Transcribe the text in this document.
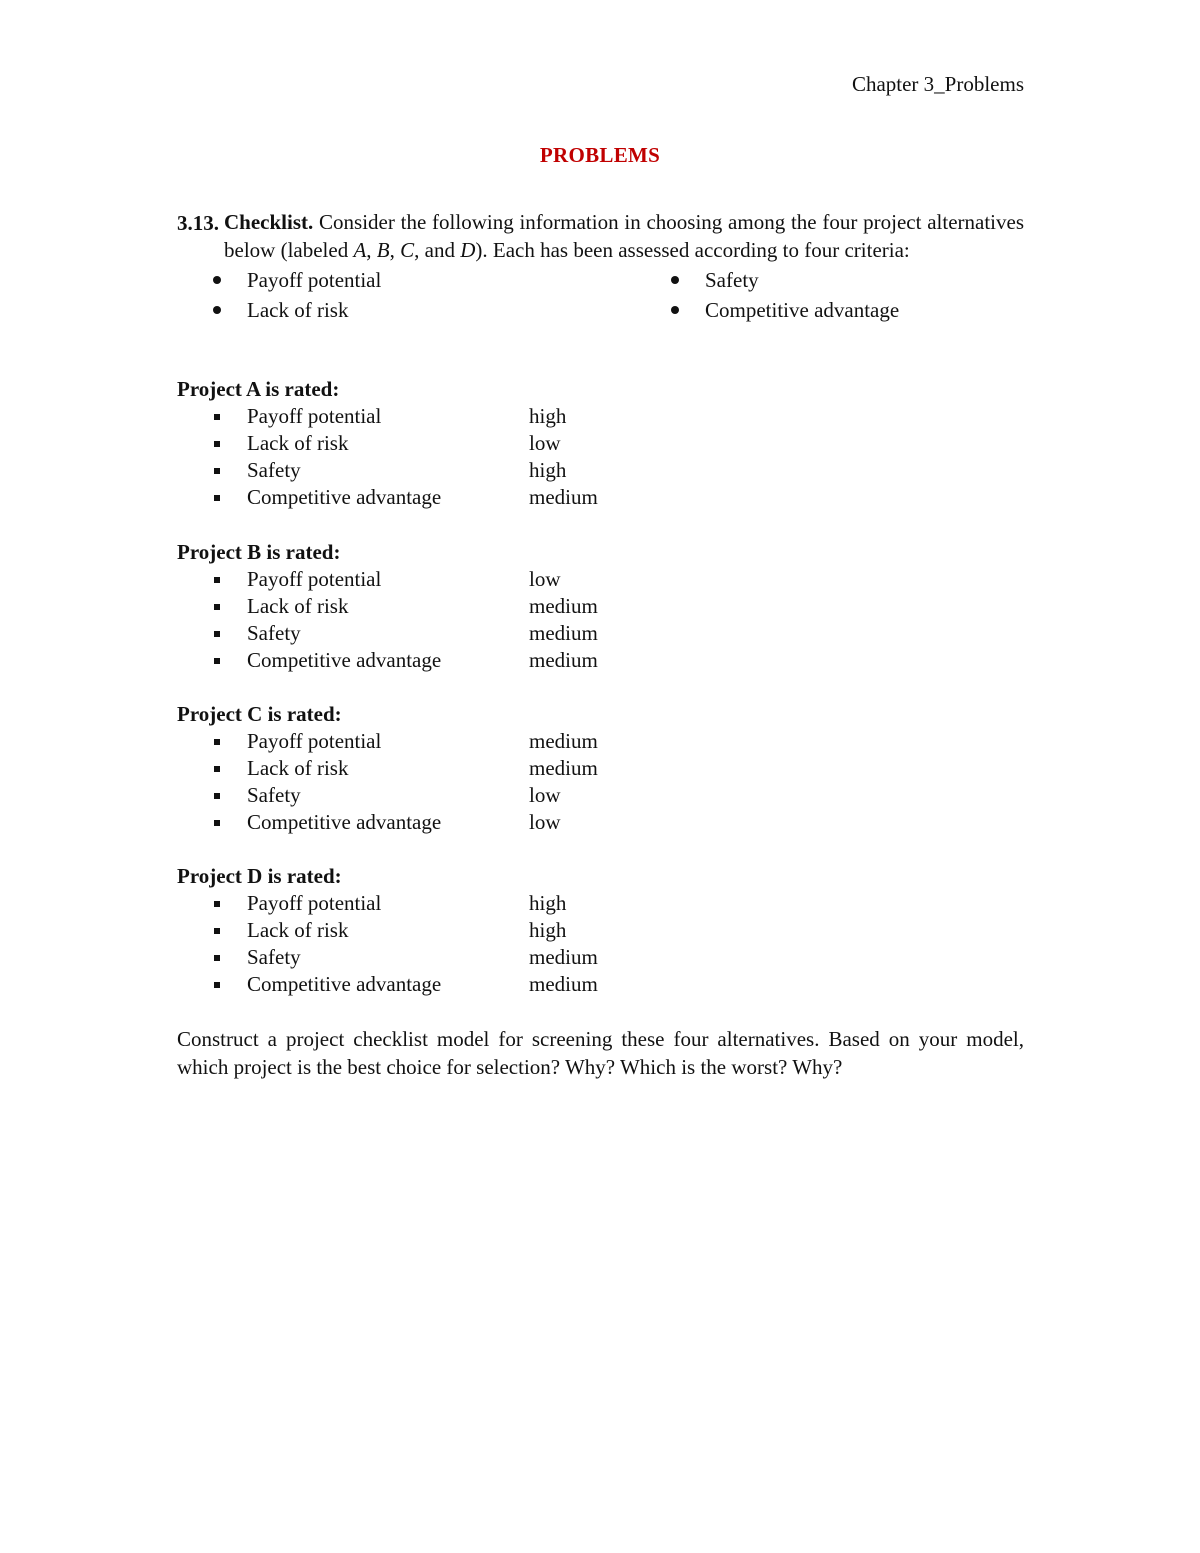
Chapter 3_Problems
PROBLEMS
3.13. Checklist. Consider the following information in choosing among the four project alternatives below (labeled A, B, C, and D). Each has been assessed according to four criteria:
Payoff potential	Safety
Lack of risk	Competitive advantage
Project A is rated:
Payoff potential	high
Lack of risk	low
Safety	high
Competitive advantage	medium
Project B is rated:
Payoff potential	low
Lack of risk	medium
Safety	medium
Competitive advantage	medium
Project C is rated:
Payoff potential	medium
Lack of risk	medium
Safety	low
Competitive advantage	low
Project D is rated:
Payoff potential	high
Lack of risk	high
Safety	medium
Competitive advantage	medium
Construct a project checklist model for screening these four alternatives. Based on your model, which project is the best choice for selection? Why? Which is the worst? Why?
